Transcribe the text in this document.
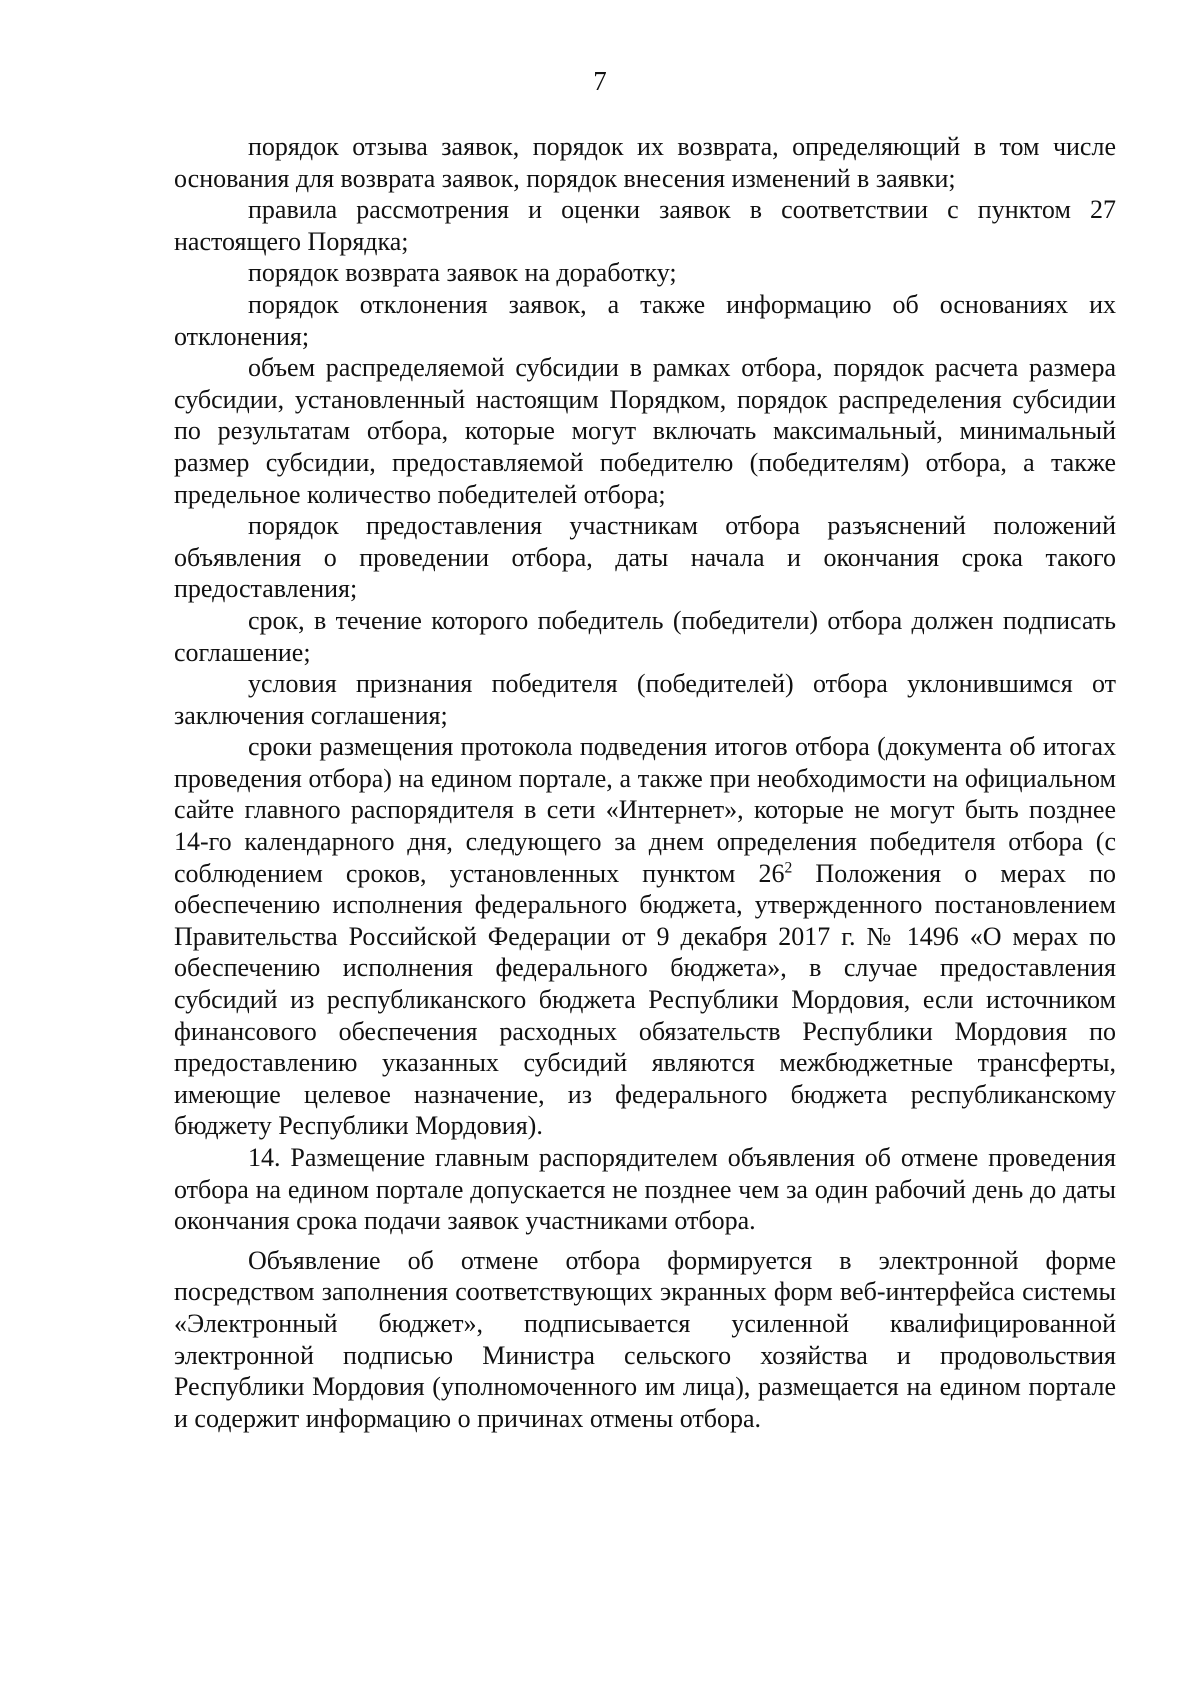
7

порядок отзыва заявок, порядок их возврата, определяющий в том числе основания для возврата заявок, порядок внесения изменений в заявки;

правила рассмотрения и оценки заявок в соответствии с пунктом 27 настоящего Порядка;

порядок возврата заявок на доработку;

порядок отклонения заявок, а также информацию об основаниях их отклонения;

объем распределяемой субсидии в рамках отбора, порядок расчета размера субсидии, установленный настоящим Порядком, порядок распределения субсидии по результатам отбора, которые могут включать максимальный, минимальный размер субсидии, предоставляемой победителю (победителям) отбора, а также предельное количество победителей отбора;

порядок предоставления участникам отбора разъяснений положений объявления о проведении отбора, даты начала и окончания срока такого предоставления;

срок, в течение которого победитель (победители) отбора должен подписать соглашение;

условия признания победителя (победителей) отбора уклонившимся от заключения соглашения;

сроки размещения протокола подведения итогов отбора (документа об итогах проведения отбора) на едином портале, а также при необходимости на официальном сайте главного распорядителя в сети «Интернет», которые не могут быть позднее 14-го календарного дня, следующего за днем определения победителя отбора (с соблюдением сроков, установленных пунктом $26^2$ Положения о мерах по обеспечению исполнения федерального бюджета, утвержденного постановлением Правительства Российской Федерации от 9 декабря 2017 г. № 1496 «О мерах по обеспечению исполнения федерального бюджета», в случае предоставления субсидий из республиканского бюджета Республики Мордовия, если источником финансового обеспечения расходных обязательств Республики Мордовия по предоставлению указанных субсидий являются межбюджетные трансферты, имеющие целевое назначение, из федерального бюджета республиканскому бюджету Республики Мордовия).

14. Размещение главным распорядителем объявления об отмене проведения отбора на едином портале допускается не позднее чем за один рабочий день до даты окончания срока подачи заявок участниками отбора.

Объявление об отмене отбора формируется в электронной форме посредством заполнения соответствующих экранных форм веб-интерфейса системы «Электронный бюджет», подписывается усиленной квалифицированной электронной подписью Министра сельского хозяйства и продовольствия Республики Мордовия (уполномоченного им лица), размещается на едином портале и содержит информацию о причинах отмены отбора.
